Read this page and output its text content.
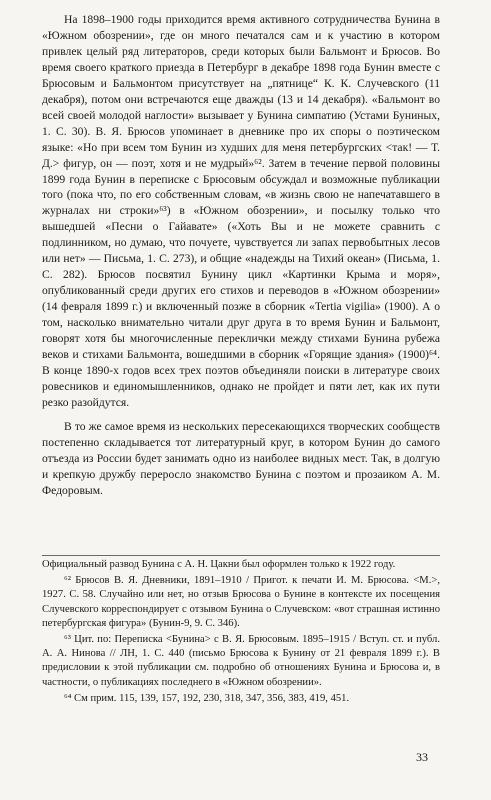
На 1898–1900 годы приходится время активного сотрудничества Бунина в «Южном обозрении», где он много печатался сам и к участию в котором привлек целый ряд литераторов, среди которых были Бальмонт и Брюсов. Во время своего краткого приезда в Петербург в декабре 1898 года Бунин вместе с Брюсовым и Бальмонтом присутствует на „пятнице“ К. К. Случевского (11 декабря), потом они встречаются еще дважды (13 и 14 декабря). «Бальмонт во всей своей молодой наглости» вызывает у Бунина симпатию (Устами Буниных, 1. С. 30). В. Я. Брюсов упоминает в дневнике про их споры о поэтическом языке: «Но при всем том Бунин из худших для меня петербургских <так! — Т. Д.> фигур, он — поэт, хотя и не мудрый»⁶². Затем в течение первой половины 1899 года Бунин в переписке с Брюсовым обсуждал и возможные публикации того (пока что, по его собственным словам, «в жизнь свою не напечатавшего в журналах ни строки»⁶³) в «Южном обозрении», и посылку только что вышедшей «Песни о Гайавате» («Хоть Вы и не можете сравнить с подлинником, но думаю, что почуете, чувствуется ли запах первобытных лесов или нет» — Письма, 1. С. 273), и общие «надежды на Тихий океан» (Письма, 1. С. 282). Брюсов посвятил Бунину цикл «Картинки Крыма и моря», опубликованный среди других его стихов и переводов в «Южном обозрении» (14 февраля 1899 г.) и включенный позже в сборник «Tertia vigilia» (1900). А о том, насколько внимательно читали друг друга в то время Бунин и Бальмонт, говорят хотя бы многочисленные переклички между стихами Бунина рубежа веков и стихами Бальмонта, вошедшими в сборник «Горящие здания» (1900)⁶⁴. В конце 1890-х годов всех трех поэтов объединяли поиски в литературе своих ровесников и единомышленников, однако не пройдет и пяти лет, как их пути резко разойдутся.

В то же самое время из нескольких пересекающихся творческих сообществ постепенно складывается тот литературный круг, в котором Бунин до самого отъезда из России будет занимать одно из наиболее видных мест. Так, в долгую и крепкую дружбу переросло знакомство Бунина с поэтом и прозаиком А. М. Федоровым.

Официальный развод Бунина с А. Н. Цакни был оформлен только к 1922 году.

⁶² Брюсов В. Я. Дневники, 1891–1910 / Пригот. к печати И. М. Брюсова. <М.>, 1927. С. 58. Случайно или нет, но отзыв Брюсова о Бунине в контексте их посещения Случевского корреспондирует с отзывом Бунина о Случевском: «вот страшная истинно петербургская фигура» (Бунин-9, 9. С. 346).

⁶³ Цит. по: Переписка <Бунина> с В. Я. Брюсовым. 1895–1915 / Вступ. ст. и публ. А. А. Нинова // ЛН, 1. С. 440 (письмо Брюсова к Бунину от 21 февраля 1899 г.). В предисловии к этой публикации см. подробно об отношениях Бунина и Брюсова и, в частности, о публикациях последнего в «Южном обозрении».

⁶⁴ См прим. 115, 139, 157, 192, 230, 318, 347, 356, 383, 419, 451.

33
